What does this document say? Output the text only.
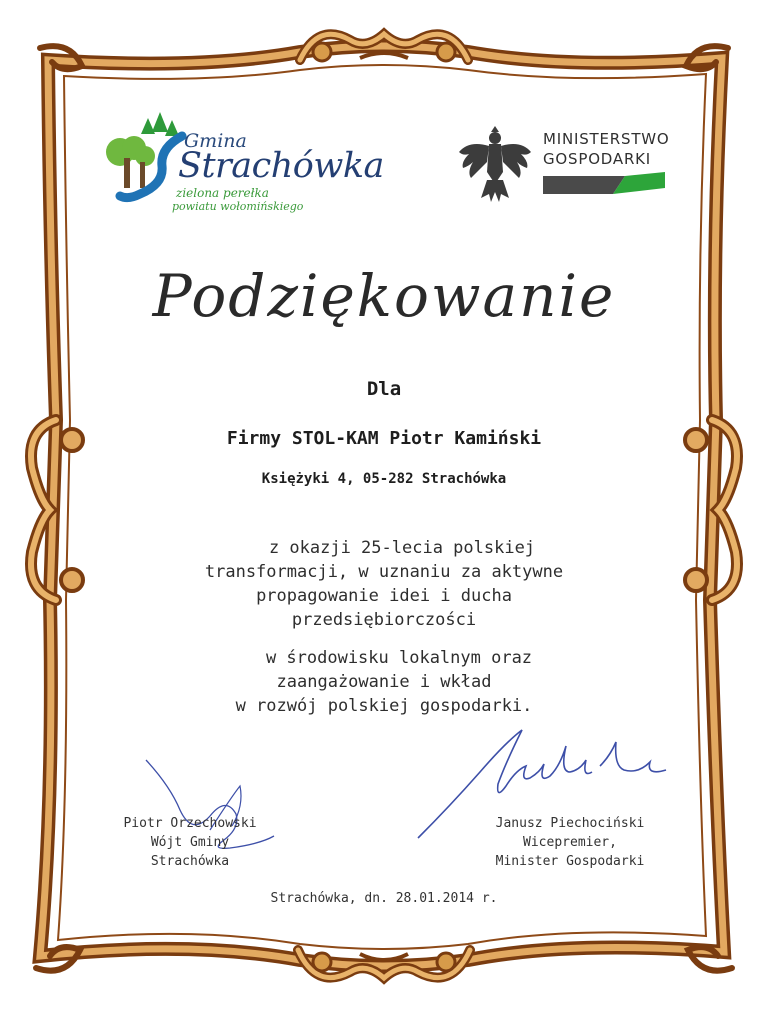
Gmina
Strachówka
zielona perełka
powiatu wołomińskiego
MINISTERSTWO
GOSPODARKI
Podziękowanie
Dla
Firmy STOL-KAM Piotr Kamiński
Księżyki 4, 05-282 Strachówka
z okazji 25-lecia polskiej
transformacji, w uznaniu za aktywne
propagowanie idei i ducha
przedsiębiorczości
w środowisku lokalnym oraz
zaangażowanie i wkład
w rozwój polskiej gospodarki.
Piotr Orzechowski
Wójt Gminy
Strachówka
Janusz Piechociński
Wicepremier,
Minister Gospodarki
Strachówka, dn. 28.01.2014 r.
